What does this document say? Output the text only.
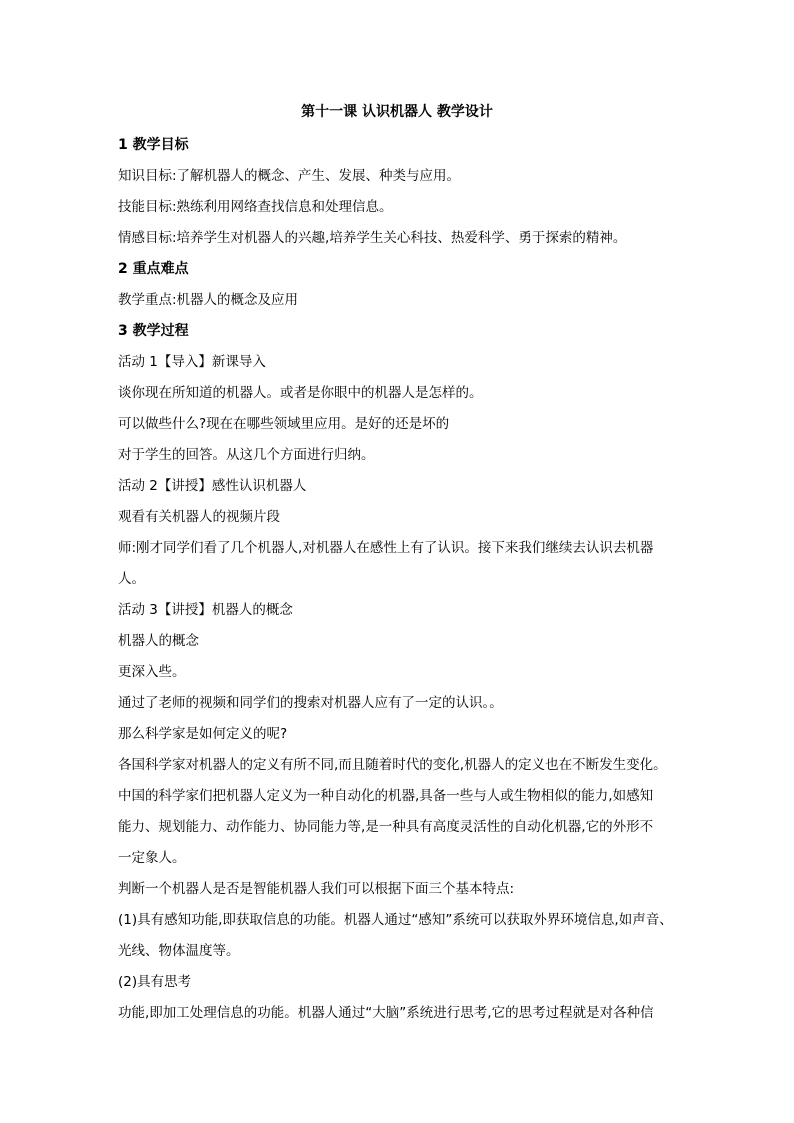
第十一课 认识机器人 教学设计
1 教学目标
知识目标:了解机器人的概念、产生、发展、种类与应用。
技能目标:熟练利用网络查找信息和处理信息。
情感目标:培养学生对机器人的兴趣,培养学生关心科技、热爱科学、勇于探索的精神。
2 重点难点
教学重点:机器人的概念及应用
3 教学过程
活动 1【导入】新课导入
谈你现在所知道的机器人。或者是你眼中的机器人是怎样的。
可以做些什么?现在在哪些领域里应用。是好的还是坏的
对于学生的回答。从这几个方面进行归纳。
活动 2【讲授】感性认识机器人
观看有关机器人的视频片段
师:刚才同学们看了几个机器人,对机器人在感性上有了认识。接下来我们继续去认识去机器
人。
活动 3【讲授】机器人的概念
机器人的概念
更深入些。
通过了老师的视频和同学们的搜索对机器人应有了一定的认识。。
那么科学家是如何定义的呢?
各国科学家对机器人的定义有所不同,而且随着时代的变化,机器人的定义也在不断发生变化。
中国的科学家们把机器人定义为一种自动化的机器,具备一些与人或生物相似的能力,如感知
能力、规划能力、动作能力、协同能力等,是一种具有高度灵活性的自动化机器,它的外形不
一定象人。
判断一个机器人是否是智能机器人我们可以根据下面三个基本特点:
(1)具有感知功能,即获取信息的功能。机器人通过“感知”系统可以获取外界环境信息,如声音、
光线、物体温度等。
(2)具有思考
功能,即加工处理信息的功能。机器人通过“大脑”系统进行思考,它的思考过程就是对各种信
